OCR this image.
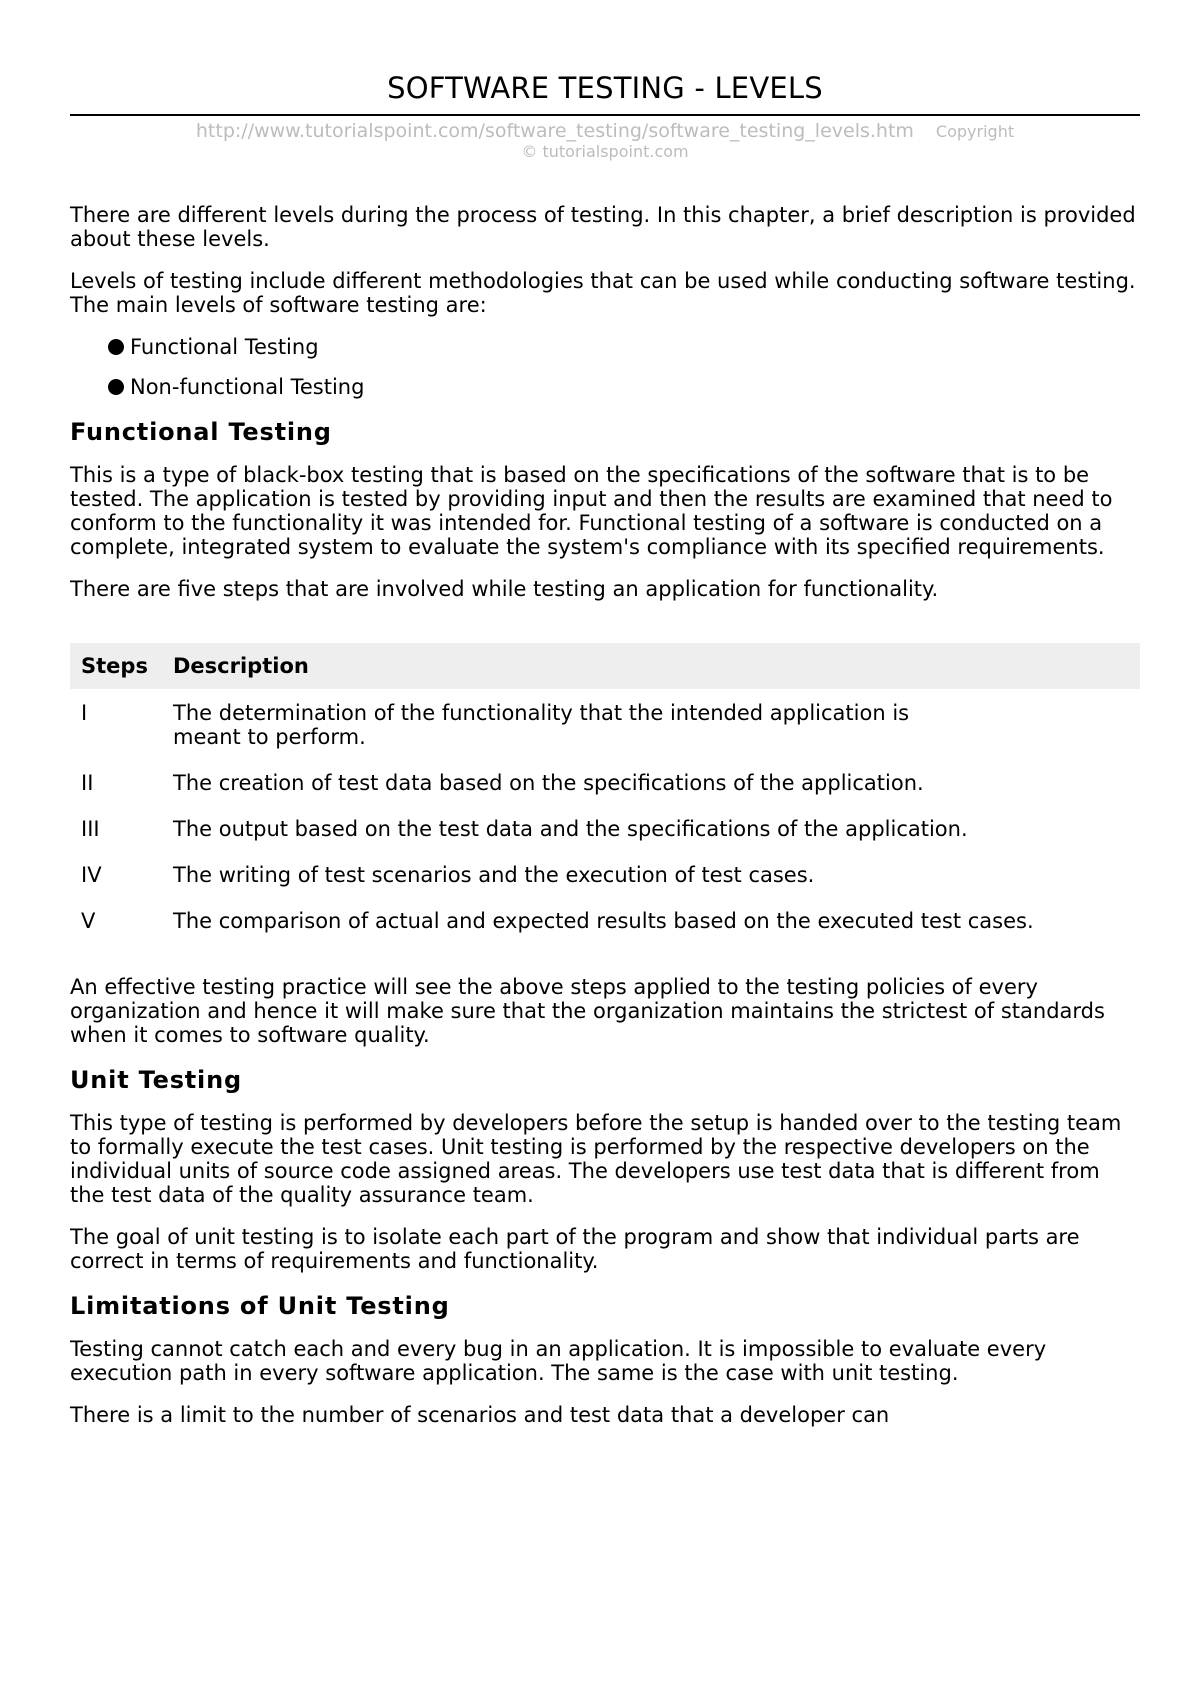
SOFTWARE TESTING - LEVELS
http://www.tutorialspoint.com/software_testing/software_testing_levels.htm Copyright
© tutorialspoint.com

There are different levels during the process of testing. In this chapter, a brief description is provided about these levels.

Levels of testing include different methodologies that can be used while conducting software testing. The main levels of software testing are:

Functional Testing
Non-functional Testing
Functional Testing

This is a type of black-box testing that is based on the specifications of the software that is to be tested. The application is tested by providing input and then the results are examined that need to conform to the functionality it was intended for. Functional testing of a software is conducted on a complete, integrated system to evaluate the system's compliance with its specified requirements.

There are five steps that are involved while testing an application for functionality.

Steps	Description
I	The determination of the functionality that the intended application is meant to perform.
II	The creation of test data based on the specifications of the application.
III	The output based on the test data and the specifications of the application.
IV	The writing of test scenarios and the execution of test cases.
V	The comparison of actual and expected results based on the executed test cases.

An effective testing practice will see the above steps applied to the testing policies of every organization and hence it will make sure that the organization maintains the strictest of standards when it comes to software quality.

Unit Testing

This type of testing is performed by developers before the setup is handed over to the testing team to formally execute the test cases. Unit testing is performed by the respective developers on the individual units of source code assigned areas. The developers use test data that is different from the test data of the quality assurance team.

The goal of unit testing is to isolate each part of the program and show that individual parts are correct in terms of requirements and functionality.

Limitations of Unit Testing

Testing cannot catch each and every bug in an application. It is impossible to evaluate every execution path in every software application. The same is the case with unit testing.

There is a limit to the number of scenarios and test data that a developer can
